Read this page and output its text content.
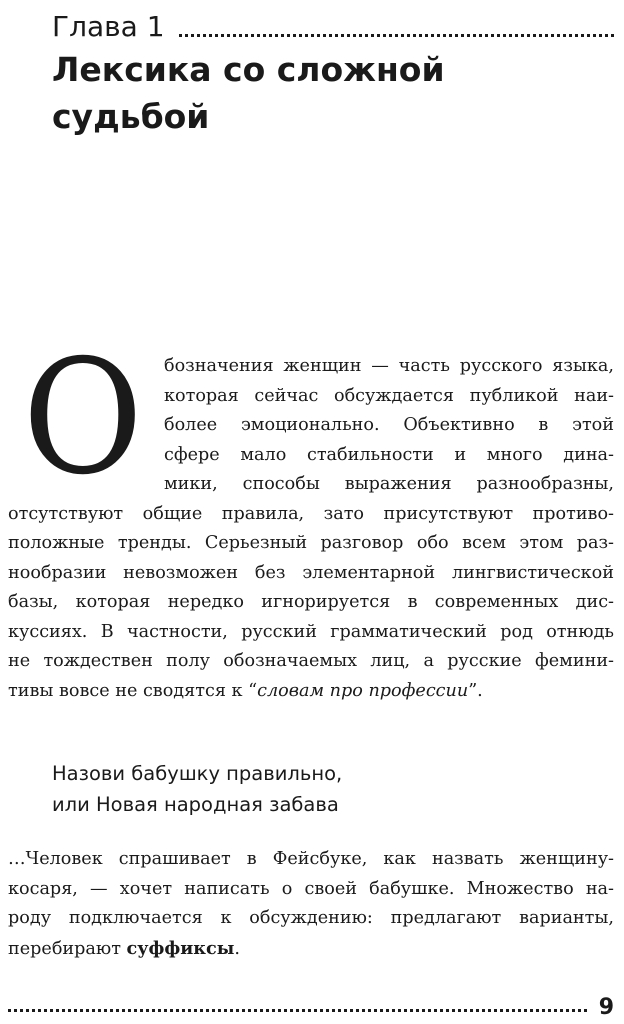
Глава 1
Лексика со сложной
судьбой
О	бозначения женщин — часть русского языка,
которая сейчас обсуждается публикой наи-
более эмоционально. Объективно в этой
сфере мало стабильности и много дина-
мики, способы выражения разнообразны,
отсутствуют общие правила, зато присутствуют противо-
положные тренды. Серьезный разговор обо всем этом раз-
нообразии невозможен без элементарной лингвистической
базы, которая нередко игнорируется в современных дис-
куссиях. В частности, русский грамматический род отнюдь
не тождествен полу обозначаемых лиц, а русские фемини-
тивы вовсе не сводятся к “словам про профессии”.
Назови бабушку правильно,
или Новая народная забава
…Человек спрашивает в Фейсбуке, как назвать женщину-
косаря, — хочет написать о своей бабушке. Множество на-
роду подключается к обсуждению: предлагают варианты,
перебирают суффиксы.
9
